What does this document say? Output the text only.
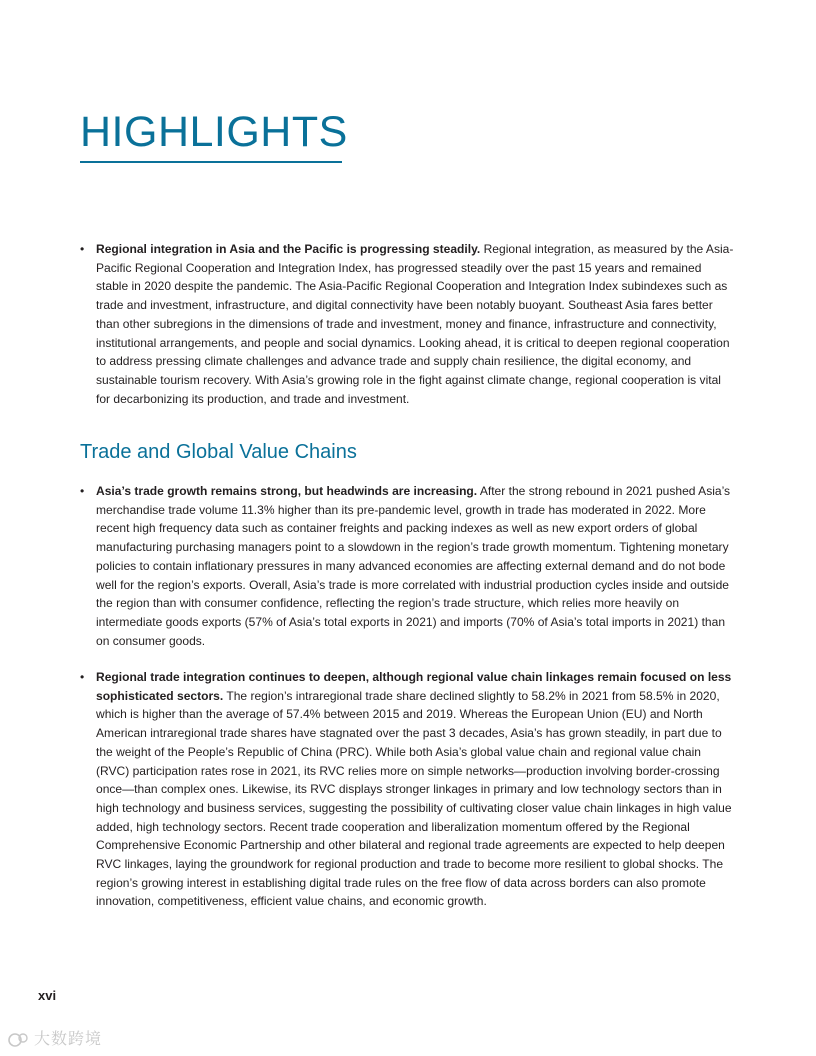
HIGHLIGHTS
• Regional integration in Asia and the Pacific is progressing steadily. Regional integration, as measured by the Asia-Pacific Regional Cooperation and Integration Index, has progressed steadily over the past 15 years and remained stable in 2020 despite the pandemic. The Asia-Pacific Regional Cooperation and Integration Index subindexes such as trade and investment, infrastructure, and digital connectivity have been notably buoyant. Southeast Asia fares better than other subregions in the dimensions of trade and investment, money and finance, infrastructure and connectivity, institutional arrangements, and people and social dynamics. Looking ahead, it is critical to deepen regional cooperation to address pressing climate challenges and advance trade and supply chain resilience, the digital economy, and sustainable tourism recovery. With Asia’s growing role in the fight against climate change, regional cooperation is vital for decarbonizing its production, and trade and investment.
Trade and Global Value Chains
• Asia’s trade growth remains strong, but headwinds are increasing. After the strong rebound in 2021 pushed Asia’s merchandise trade volume 11.3% higher than its pre-pandemic level, growth in trade has moderated in 2022. More recent high frequency data such as container freights and packing indexes as well as new export orders of global manufacturing purchasing managers point to a slowdown in the region’s trade growth momentum. Tightening monetary policies to contain inflationary pressures in many advanced economies are affecting external demand and do not bode well for the region’s exports. Overall, Asia’s trade is more correlated with industrial production cycles inside and outside the region than with consumer confidence, reflecting the region’s trade structure, which relies more heavily on intermediate goods exports (57% of Asia’s total exports in 2021) and imports (70% of Asia’s total imports in 2021) than on consumer goods.
• Regional trade integration continues to deepen, although regional value chain linkages remain focused on less sophisticated sectors. The region’s intraregional trade share declined slightly to 58.2% in 2021 from 58.5% in 2020, which is higher than the average of 57.4% between 2015 and 2019. Whereas the European Union (EU) and North American intraregional trade shares have stagnated over the past 3 decades, Asia’s has grown steadily, in part due to the weight of the People’s Republic of China (PRC). While both Asia’s global value chain and regional value chain (RVC) participation rates rose in 2021, its RVC relies more on simple networks—production involving border-crossing once—than complex ones. Likewise, its RVC displays stronger linkages in primary and low technology sectors than in high technology and business services, suggesting the possibility of cultivating closer value chain linkages in high value added, high technology sectors. Recent trade cooperation and liberalization momentum offered by the Regional Comprehensive Economic Partnership and other bilateral and regional trade agreements are expected to help deepen RVC linkages, laying the groundwork for regional production and trade to become more resilient to global shocks. The region’s growing interest in establishing digital trade rules on the free flow of data across borders can also promote innovation, competitiveness, efficient value chains, and economic growth.
xvi
大数跨境
